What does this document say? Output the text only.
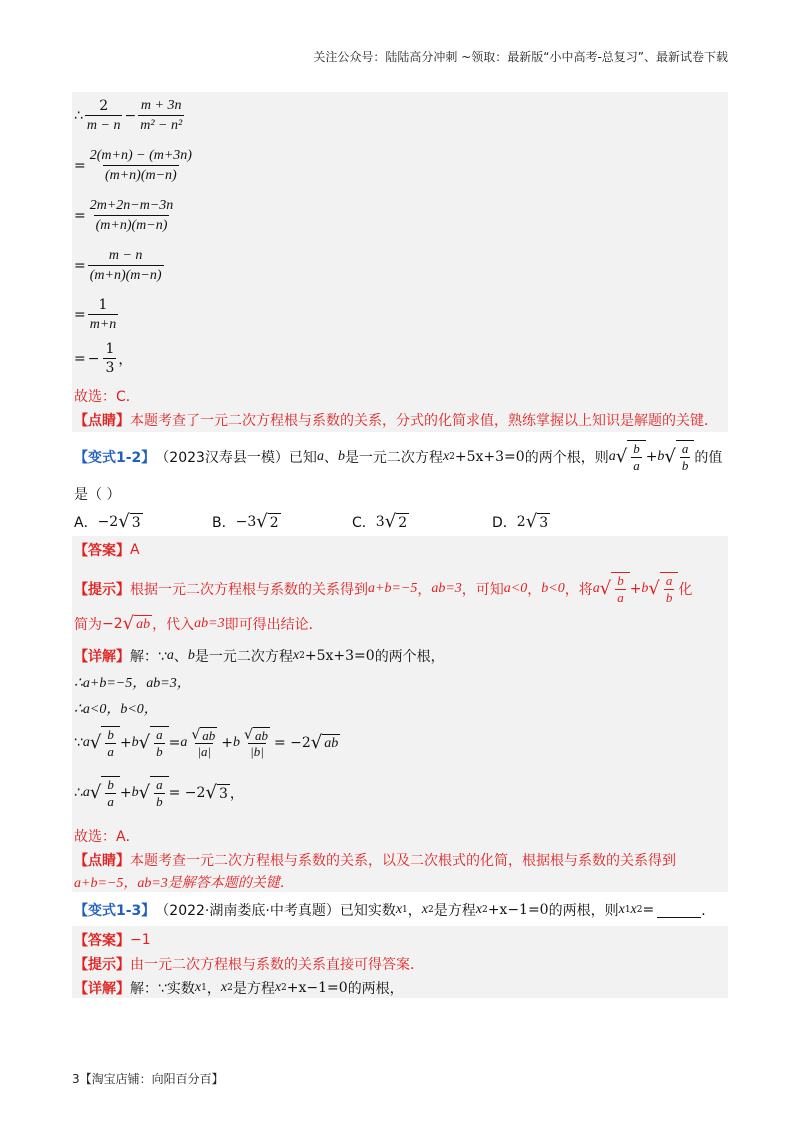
关注公众号：陆陆高分冲刺 ~领取：最新版“小中高考-总复习”、最新试卷下载
∴ $\frac{2}{m - n} - \frac{m + 3n}{\text{m² − n²}}$
= $\frac{2(m+n) - (m+3n)}{(m+n)(m-n)}$
= $\frac{2m+2n-m-3n}{(m+n)(m-n)}$
= $\frac{m - n}{(m+n)(m-n)}$
= $\frac{1}{m+n}$
= − $\frac{1}{3}$ ，
故选：C．
【点睛】 本题考查了一元二次方程根与系数的关系，分式的化简求值，熟练掌握以上知识是解题的关键．
【变式1-2】 （2023汉寿县一模）已知 a 、 b 是一元二次方程 x 2 +5x+3=0 的两个根，则 a √ $\frac{b}{a} + b$ √ $\frac{a}{b}$ 的值
是（ ）
A． −2 √ 3	B． −3 √ 2	C． 3 √ 2	D． 2 √ 3
【答案】 A
【提示】 根据一元二次方程根与系数的关系得到 a+b=−5 ， ab=3 ，可知 a<0 ， b<0 ，将 a √ $\frac{b}{a} + b$ √ $\frac{a}{b}$ 化
简为 −2 √ ab ，代入 ab=3 即可得出结论．
【详解】 解：∵ a 、 b 是一元二次方程 x 2 +5x+3=0 的两个根，
∴a+b=−5，ab=3，
∴a<0，b<0，
∵ a √ $\frac{b}{a} + b$ √ $\frac{a}{b} = a \frac{√ ab}{|a|} + b \frac{√ ab}{|b|} = -2$ √ ab
∴ a √ $\frac{b}{a} + b$ √ $\frac{a}{b} = -2$ √ 3 ，
故选：A．
【点睛】 本题考查一元二次方程根与系数的关系，以及二次根式的化简，根据根与系数的关系得到
a+b=−5，ab=3是解答本题的关键．
【变式1-3】 （2022·湖南娄底·中考真题）已知实数 x 1 ， x 2 是方程 x 2 +x−1=0 的两根，则 x 1 x 2 =	．
【答案】 −1
【提示】 由一元二次方程根与系数的关系直接可得答案．
【详解】 解：∵实数 x 1 ， x 2 是方程 x 2 +x−1=0 的两根，
3【淘宝店铺：向阳百分百】
